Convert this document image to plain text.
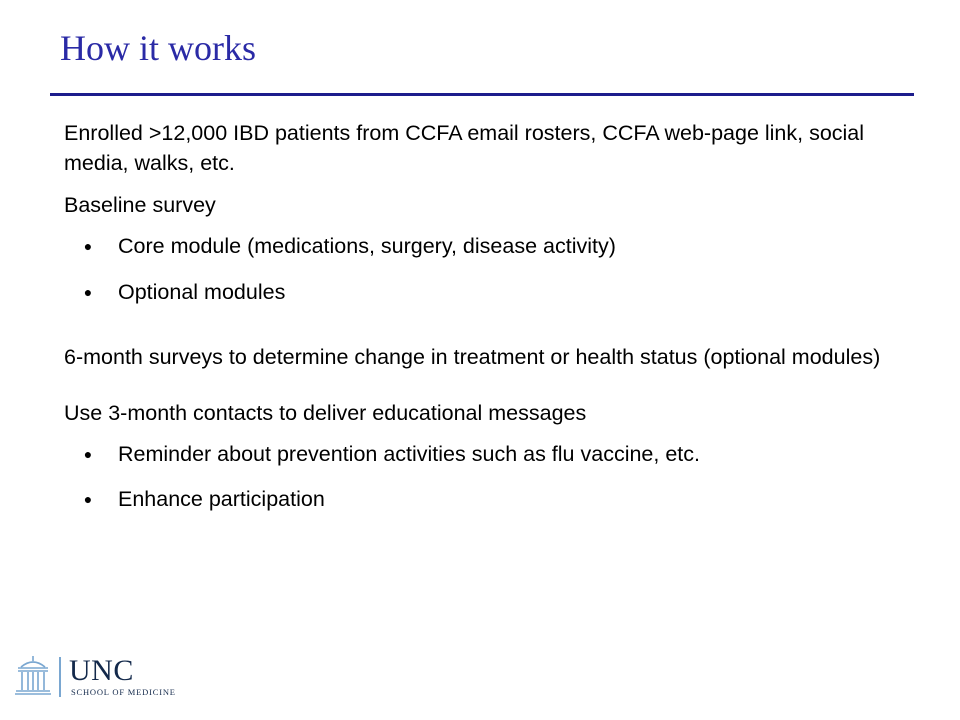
How it works

Enrolled >12,000 IBD patients from CCFA email rosters, CCFA web-page link, social media, walks, etc.

Baseline survey

● Core module (medications, surgery, disease activity)
● Optional modules

6-month surveys to determine change in treatment or health status (optional modules)

Use 3-month contacts to deliver educational messages

● Reminder about prevention activities such as flu vaccine, etc.
● Enhance participation
UNC
SCHOOL OF MEDICINE
